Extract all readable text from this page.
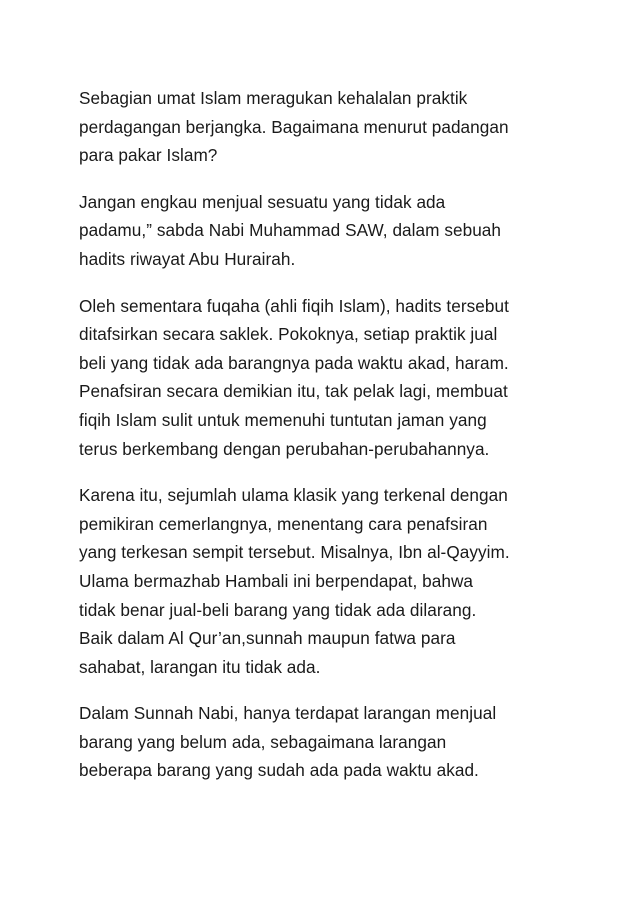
Sebagian umat Islam meragukan kehalalan praktik
perdagangan berjangka. Bagaimana menurut padangan
para pakar Islam?

Jangan engkau menjual sesuatu yang tidak ada
padamu,” sabda Nabi Muhammad SAW, dalam sebuah
hadits riwayat Abu Hurairah.

Oleh sementara fuqaha (ahli fiqih Islam), hadits tersebut
ditafsirkan secara saklek. Pokoknya, setiap praktik jual
beli yang tidak ada barangnya pada waktu akad, haram.
Penafsiran secara demikian itu, tak pelak lagi, membuat
fiqih Islam sulit untuk memenuhi tuntutan jaman yang
terus berkembang dengan perubahan-perubahannya.

Karena itu, sejumlah ulama klasik yang terkenal dengan
pemikiran cemerlangnya, menentang cara penafsiran
yang terkesan sempit tersebut. Misalnya, Ibn al-Qayyim.
Ulama bermazhab Hambali ini berpendapat, bahwa
tidak benar jual-beli barang yang tidak ada dilarang.
Baik dalam Al Qur’an,sunnah maupun fatwa para
sahabat, larangan itu tidak ada.

Dalam Sunnah Nabi, hanya terdapat larangan menjual
barang yang belum ada, sebagaimana larangan
beberapa barang yang sudah ada pada waktu akad.
